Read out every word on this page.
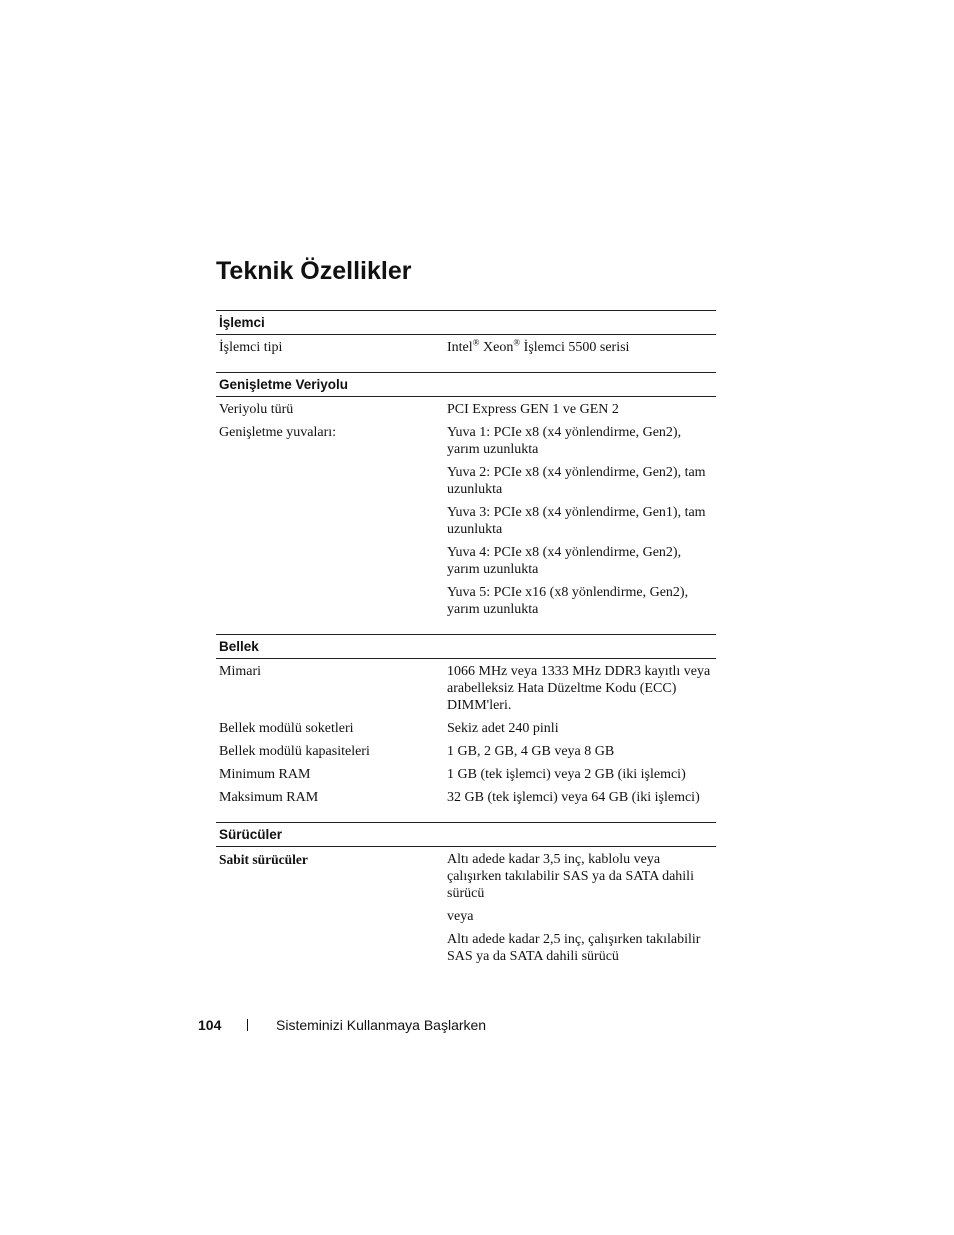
Teknik Özellikler
İşlemci
İşlemci tipi	Intel® Xeon® İşlemci 5500 serisi
Genişletme Veriyolu
Veriyolu türü	PCI Express GEN 1 ve GEN 2
Genişletme yuvaları:	Yuva 1: PCIe x8 (x4 yönlendirme, Gen2), yarım uzunlukta
Yuva 2: PCIe x8 (x4 yönlendirme, Gen2), tam uzunlukta
Yuva 3: PCIe x8 (x4 yönlendirme, Gen1), tam uzunlukta
Yuva 4: PCIe x8 (x4 yönlendirme, Gen2), yarım uzunlukta
Yuva 5: PCIe x16 (x8 yönlendirme, Gen2), yarım uzunlukta
Bellek
Mimari	1066 MHz veya 1333 MHz DDR3 kayıtlı veya arabelleksiz Hata Düzeltme Kodu (ECC) DIMM'leri.
Bellek modülü soketleri	Sekiz adet 240 pinli
Bellek modülü kapasiteleri	1 GB, 2 GB, 4 GB veya 8 GB
Minimum RAM	1 GB (tek işlemci) veya 2 GB (iki işlemci)
Maksimum RAM	32 GB (tek işlemci) veya 64 GB (iki işlemci)
Sürücüler
Sabit sürücüler	Altı adede kadar 3,5 inç, kablolu veya çalışırken takılabilir SAS ya da SATA dahili sürücü
veya
Altı adede kadar 2,5 inç, çalışırken takılabilir SAS ya da SATA dahili sürücü
104	Sisteminizi Kullanmaya Başlarken
